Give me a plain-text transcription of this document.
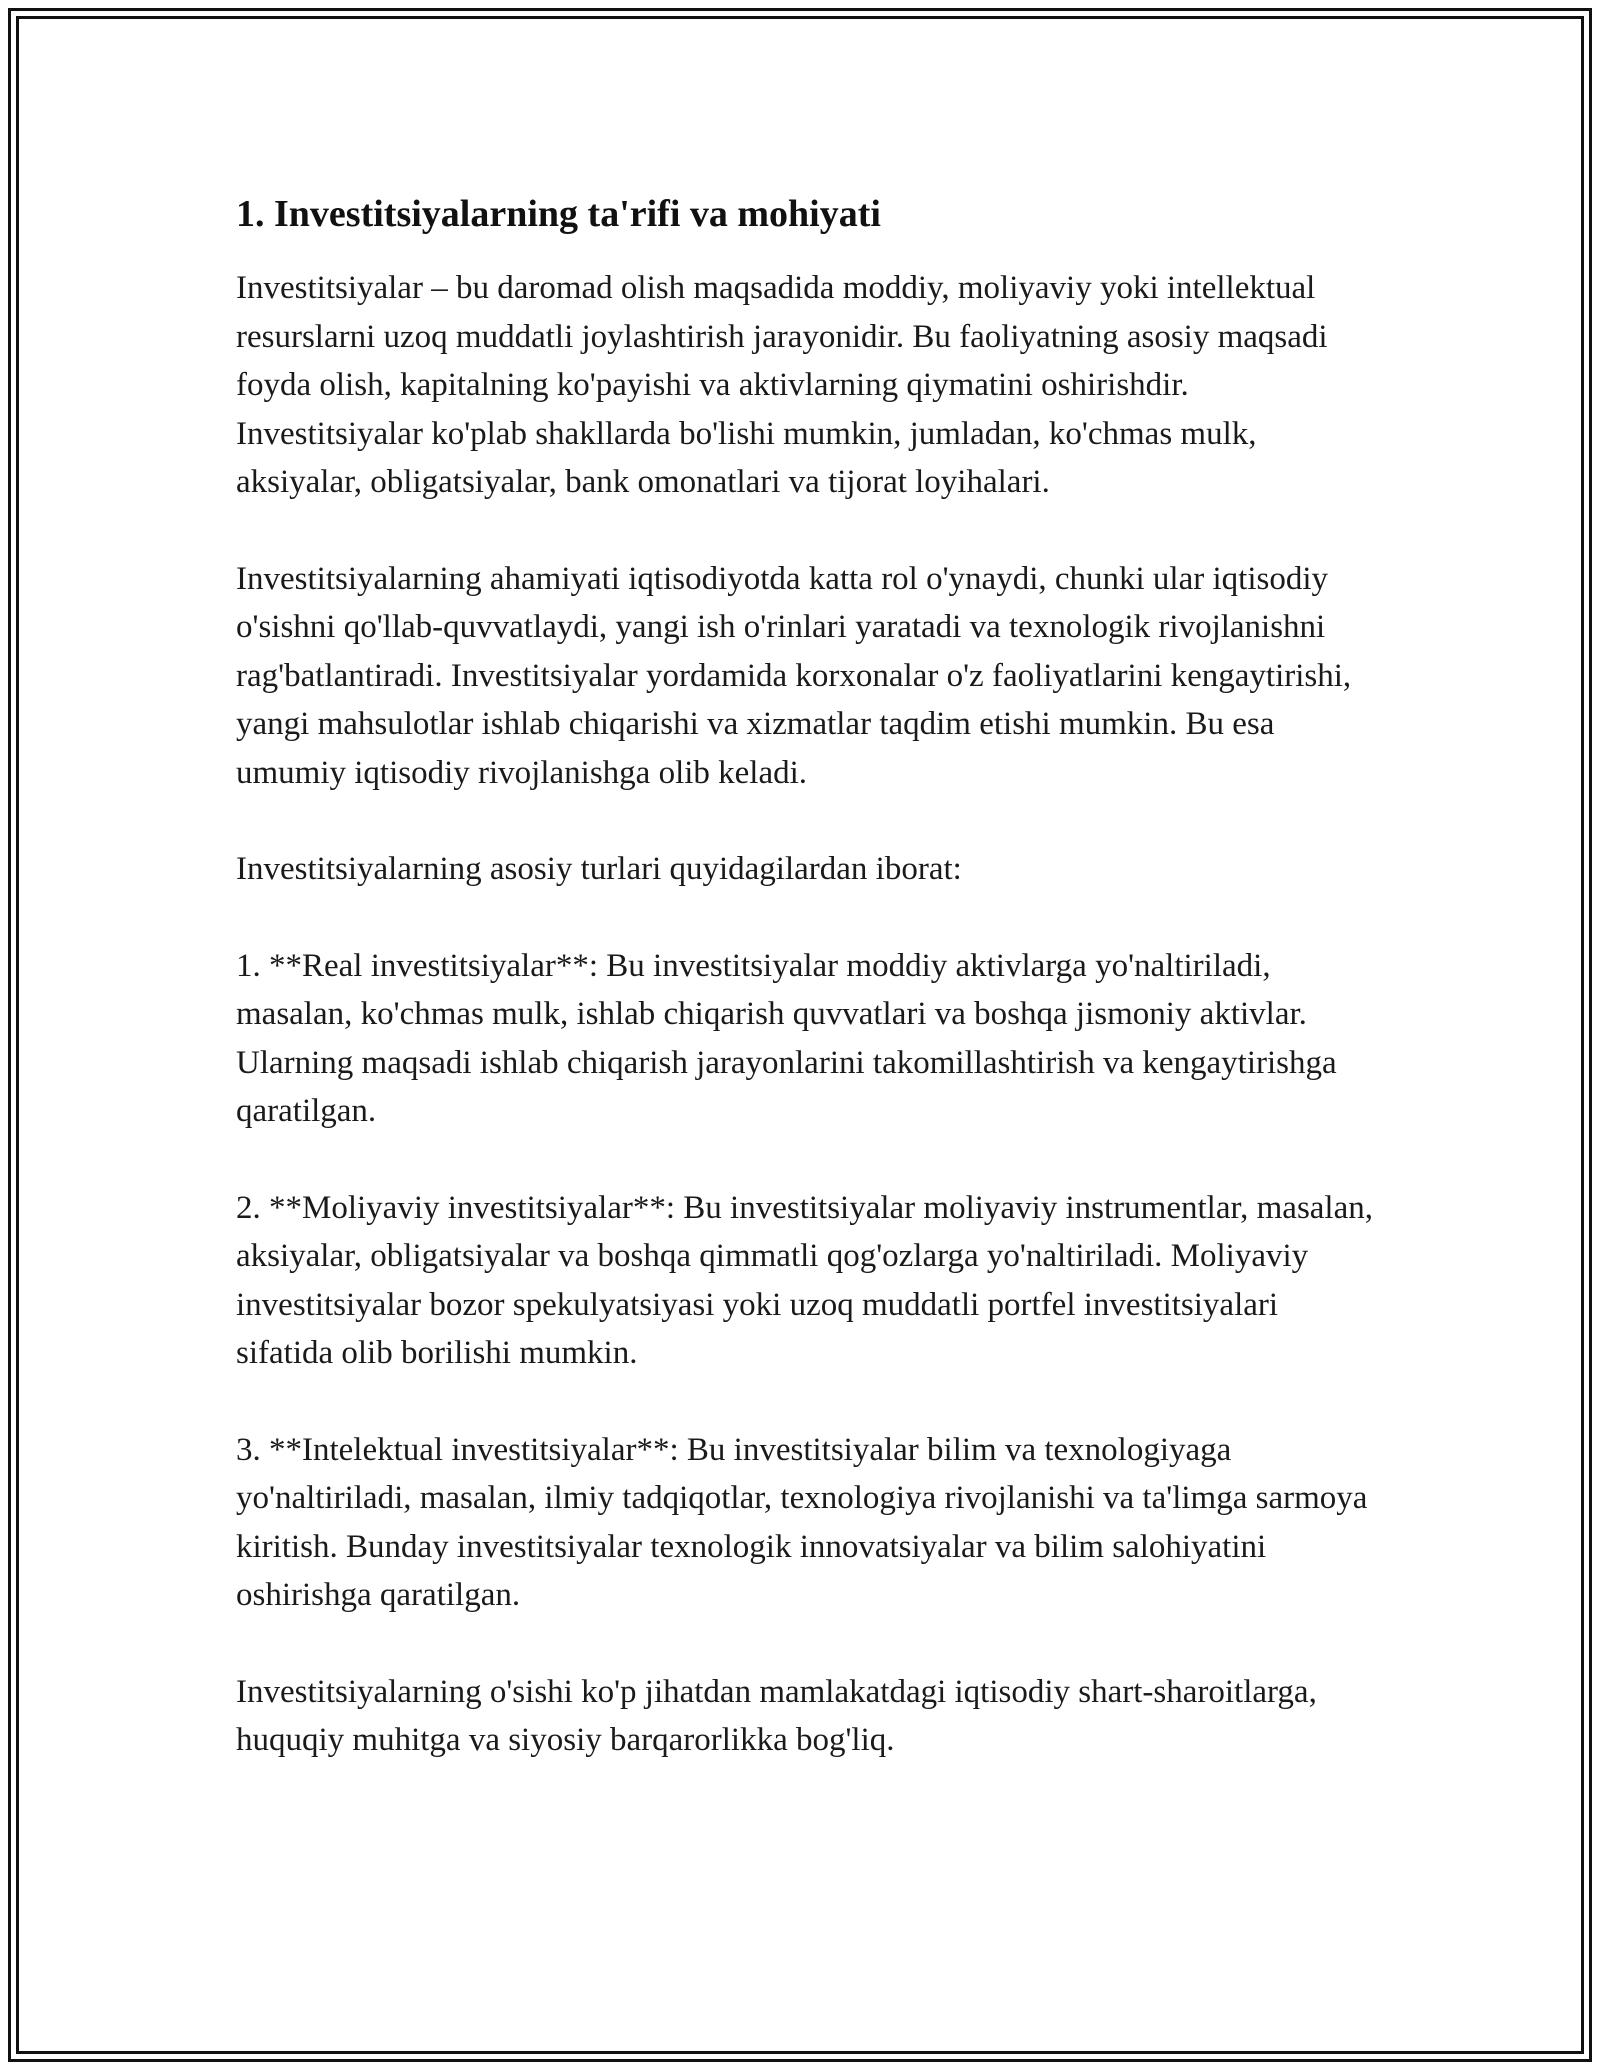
1. Investitsiyalarning ta'rifi va mohiyati

Investitsiyalar – bu daromad olish maqsadida moddiy, moliyaviy yoki intellektual resurslarni uzoq muddatli joylashtirish jarayonidir. Bu faoliyatning asosiy maqsadi foyda olish, kapitalning ko'payishi va aktivlarning qiymatini oshirishdir. Investitsiyalar ko'plab shakllarda bo'lishi mumkin, jumladan, ko'chmas mulk, aksiyalar, obligatsiyalar, bank omonatlari va tijorat loyihalari.

Investitsiyalarning ahamiyati iqtisodiyotda katta rol o'ynaydi, chunki ular iqtisodiy o'sishni qo'llab-quvvatlaydi, yangi ish o'rinlari yaratadi va texnologik rivojlanishni rag'batlantiradi. Investitsiyalar yordamida korxonalar o'z faoliyatlarini kengaytirishi, yangi mahsulotlar ishlab chiqarishi va xizmatlar taqdim etishi mumkin. Bu esa umumiy iqtisodiy rivojlanishga olib keladi.

Investitsiyalarning asosiy turlari quyidagilardan iborat:

1. **Real investitsiyalar**: Bu investitsiyalar moddiy aktivlarga yo'naltiriladi, masalan, ko'chmas mulk, ishlab chiqarish quvvatlari va boshqa jismoniy aktivlar. Ularning maqsadi ishlab chiqarish jarayonlarini takomillashtirish va kengaytirishga qaratilgan.

2. **Moliyaviy investitsiyalar**: Bu investitsiyalar moliyaviy instrumentlar, masalan, aksiyalar, obligatsiyalar va boshqa qimmatli qog'ozlarga yo'naltiriladi. Moliyaviy investitsiyalar bozor spekulyatsiyasi yoki uzoq muddatli portfel investitsiyalari sifatida olib borilishi mumkin.

3. **Intelektual investitsiyalar**: Bu investitsiyalar bilim va texnologiyaga yo'naltiriladi, masalan, ilmiy tadqiqotlar, texnologiya rivojlanishi va ta'limga sarmoya kiritish. Bunday investitsiyalar texnologik innovatsiyalar va bilim salohiyatini oshirishga qaratilgan.

Investitsiyalarning o'sishi ko'p jihatdan mamlakatdagi iqtisodiy shart-sharoitlarga, huquqiy muhitga va siyosiy barqarorlikka bog'liq.
